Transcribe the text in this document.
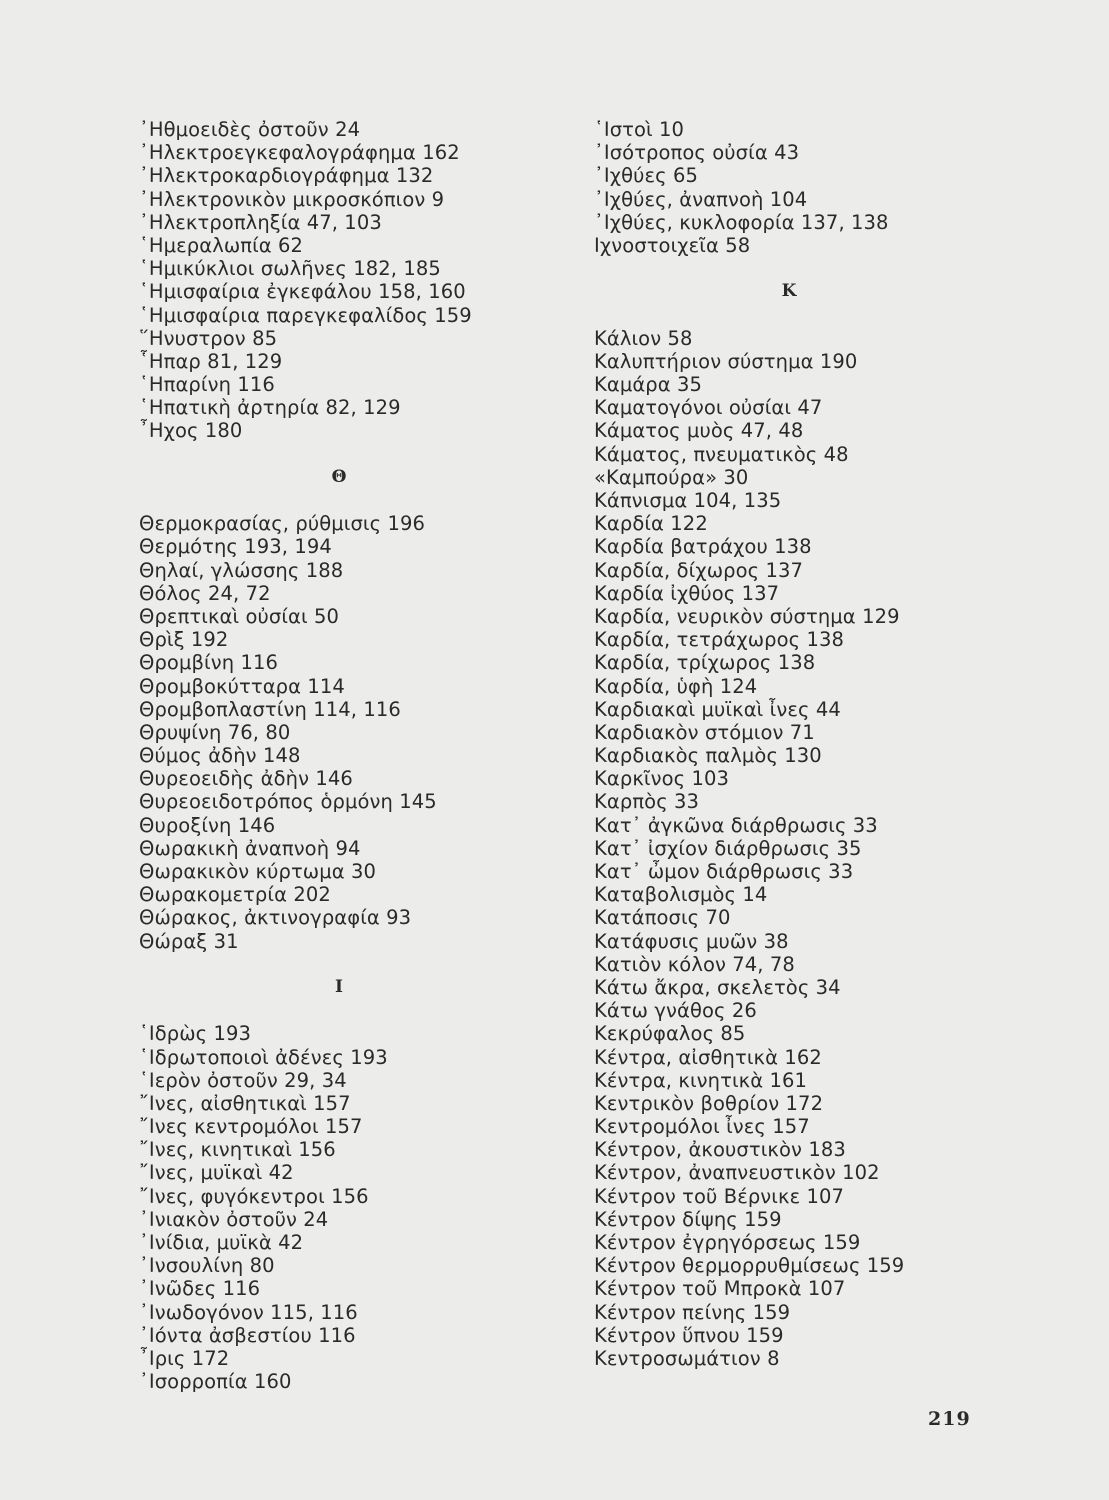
᾿Ηθμοειδὲς ὀστοῦν 24
᾿Ηλεκτροεγκεφαλογράφημα 162
᾿Ηλεκτροκαρδιογράφημα 132
᾿Ηλεκτρονικὸν μικροσκόπιον 9
᾿Ηλεκτροπληξία 47, 103
῾Ημεραλωπία 62
῾Ημικύκλιοι σωλῆνες 182, 185
῾Ημισφαίρια ἐγκεφάλου 158, 160
῾Ημισφαίρια παρεγκεφαλίδος 159
῞Ηνυστρον 85
῟Ηπαρ 81, 129
῾Ηπαρίνη 116
῾Ηπατικὴ ἀρτηρία 82, 129
῏Ηχος 180
Θ
Θερμοκρασίας, ρύθμισις 196
Θερμότης 193, 194
Θηλαί, γλώσσης 188
Θόλος 24, 72
Θρεπτικαὶ οὐσίαι 50
Θρὶξ 192
Θρομβίνη 116
Θρομβοκύτταρα 114
Θρομβοπλαστίνη 114, 116
Θρυψίνη 76, 80
Θύμος ἀδὴν 148
Θυρεοειδὴς ἀδὴν 146
Θυρεοειδοτρόπος ὁρμόνη 145
Θυροξίνη 146
Θωρακικὴ ἀναπνοὴ 94
Θωρακικὸν κύρτωμα 30
Θωρακομετρία 202
Θώρακος, ἀκτινογραφία 93
Θώραξ 31
Ι
῾Ιδρὼς 193
῾Ιδρωτοποιοὶ ἀδένες 193
῾Ιερὸν ὀστοῦν 29, 34
῎Ινες, αἰσθητικαὶ 157
῎Ινες κεντρομόλοι 157
῎Ινες, κινητικαὶ 156
῎Ινες, μυϊκαὶ 42
῎Ινες, φυγόκεντροι 156
᾿Ινιακὸν ὀστοῦν 24
᾿Ινίδια, μυϊκὰ 42
᾿Ινσουλίνη 80
᾿Ινῶδες 116
᾿Ινωδογόνον 115, 116
᾿Ιόντα ἀσβεστίου 116
῏Ιρις 172
᾿Ισορροπία 160
῾Ιστοὶ 10
᾿Ισότροπος οὐσία 43
᾿Ιχθύες 65
᾿Ιχθύες, ἀναπνοὴ 104
᾿Ιχθύες, κυκλοφορία 137, 138
Ιχνοστοιχεῖα 58
Κ
Κάλιον 58
Καλυπτήριον σύστημα 190
Καμάρα 35
Καματογόνοι οὐσίαι 47
Κάματος μυὸς 47, 48
Κάματος, πνευματικὸς 48
«Καμπούρα» 30
Κάπνισμα 104, 135
Καρδία 122
Καρδία βατράχου 138
Καρδία, δίχωρος 137
Καρδία ἰχθύος 137
Καρδία, νευρικὸν σύστημα 129
Καρδία, τετράχωρος 138
Καρδία, τρίχωρος 138
Καρδία, ὑφὴ 124
Καρδιακαὶ μυϊκαὶ ἶνες 44
Καρδιακὸν στόμιον 71
Καρδιακὸς παλμὸς 130
Καρκῖνος 103
Καρπὸς 33
Κατ᾿ ἀγκῶνα διάρθρωσις 33
Κατ᾿ ἰσχίον διάρθρωσις 35
Κατ᾿ ὦμον διάρθρωσις 33
Καταβολισμὸς 14
Κατάποσις 70
Κατάφυσις μυῶν 38
Κατιὸν κόλον 74, 78
Κάτω ἄκρα, σκελετὸς 34
Κάτω γνάθος 26
Κεκρύφαλος 85
Κέντρα, αἰσθητικὰ 162
Κέντρα, κινητικὰ 161
Κεντρικὸν βοθρίον 172
Κεντρομόλοι ἶνες 157
Κέντρον, ἀκουστικὸν 183
Κέντρον, ἀναπνευστικὸν 102
Κέντρον τοῦ Βέρνικε 107
Κέντρον δίψης 159
Κέντρον ἐγρηγόρσεως 159
Κέντρον θερμορρυθμίσεως 159
Κέντρον τοῦ Μπροκὰ 107
Κέντρον πείνης 159
Κέντρον ὕπνου 159
Κεντροσωμάτιον 8
219
